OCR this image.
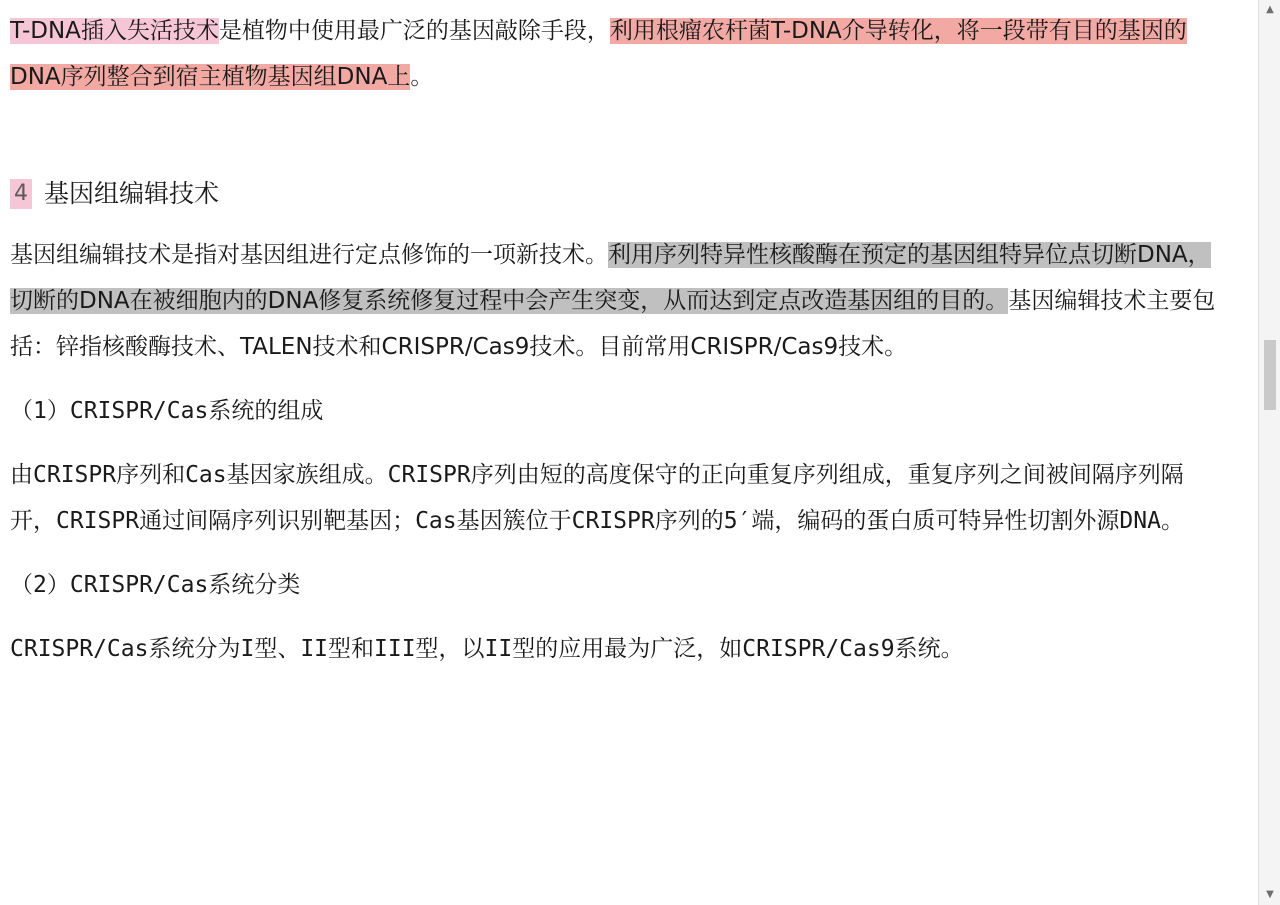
T-DNA插入失活技术是植物中使用最广泛的基因敲除手段，利用根瘤农杆菌T-DNA介导转化，将一段带有目的基因的DNA序列整合到宿主植物基因组DNA上。

4 基因组编辑技术

基因组编辑技术是指对基因组进行定点修饰的一项新技术。利用序列特异性核酸酶在预定的基因组特异位点切断DNA，切断的DNA在被细胞内的DNA修复系统修复过程中会产生突变，从而达到定点改造基因组的目的。基因编辑技术主要包括：锌指核酸酶技术、TALEN技术和CRISPR/Cas9技术。目前常用CRISPR/Cas9技术。

（1）CRISPR/Cas系统的组成

由CRISPR序列和Cas基因家族组成。CRISPR序列由短的高度保守的正向重复序列组成，重复序列之间被间隔序列隔开，CRISPR通过间隔序列识别靶基因；Cas基因簇位于CRISPR序列的5′端，编码的蛋白质可特异性切割外源DNA。

（2）CRISPR/Cas系统分类

CRISPR/Cas系统分为I型、II型和III型，以II型的应用最为广泛，如CRISPR/Cas9系统。

▲
▼
